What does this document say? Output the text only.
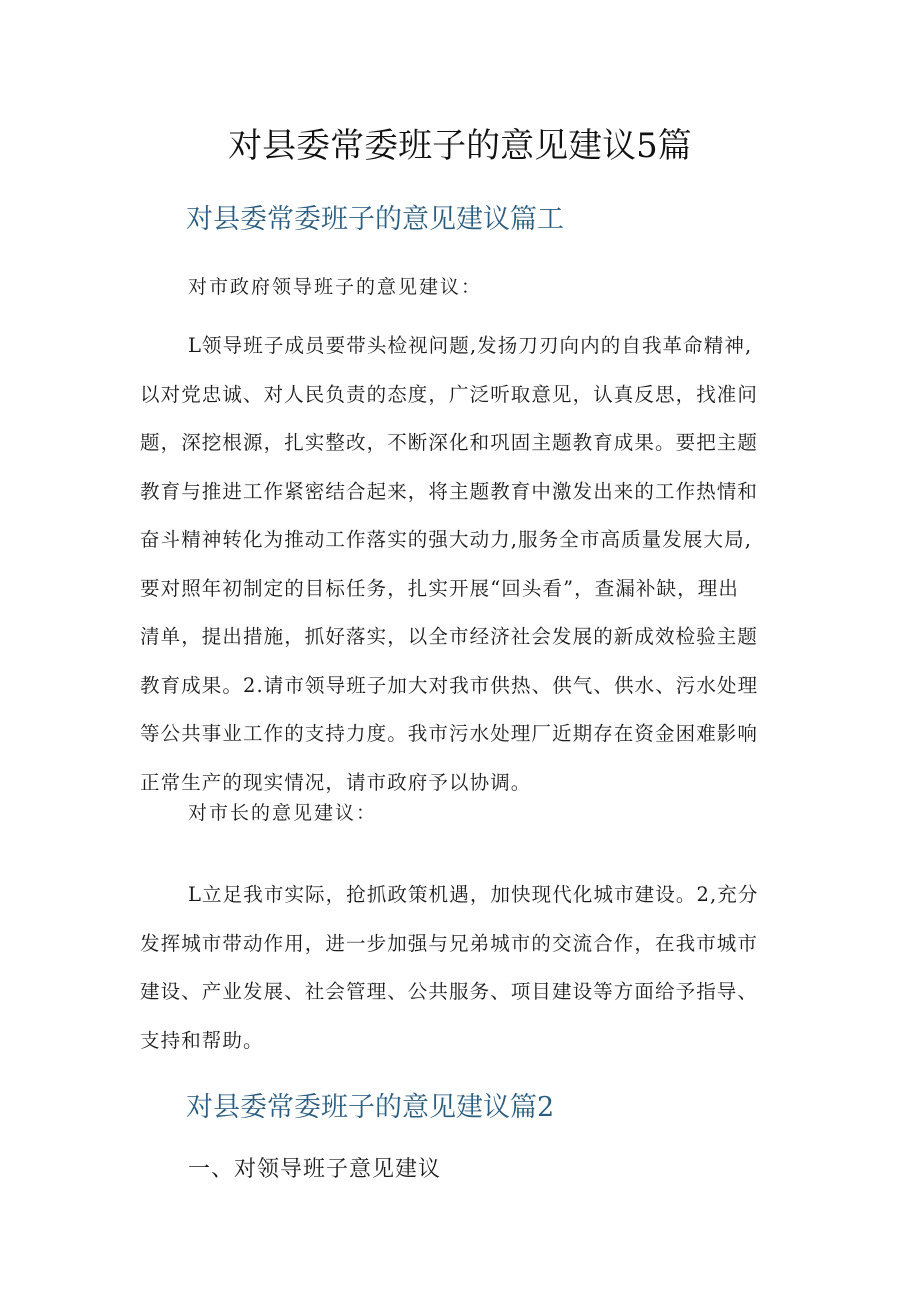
对县委常委班子的意见建议5篇
对县委常委班子的意见建议篇工

对市政府领导班子的意见建议：

L领导班子成员要带头检视问题,发扬刀刃向内的自我革命精神,
以对党忠诚、对人民负责的态度，广泛听取意见，认真反思，找准问
题，深挖根源，扎实整改，不断深化和巩固主题教育成果。要把主题
教育与推进工作紧密结合起来，将主题教育中激发出来的工作热情和
奋斗精神转化为推动工作落实的强大动力,服务全市高质量发展大局,
要对照年初制定的目标任务，扎实开展“回头看”，查漏补缺，理出
清单，提出措施，抓好落实，以全市经济社会发展的新成效检验主题
教育成果。2.请市领导班子加大对我市供热、供气、供水、污水处理
等公共事业工作的支持力度。我市污水处理厂近期存在资金困难影响
正常生产的现实情况，请市政府予以协调。

对市长的意见建议：

L立足我市实际，抢抓政策机遇，加快现代化城市建设。2,充分
发挥城市带动作用，进一步加强与兄弟城市的交流合作，在我市城市
建设、产业发展、社会管理、公共服务、项目建设等方面给予指导、
支持和帮助。
对县委常委班子的意见建议篇2
一、对领导班子意见建议
